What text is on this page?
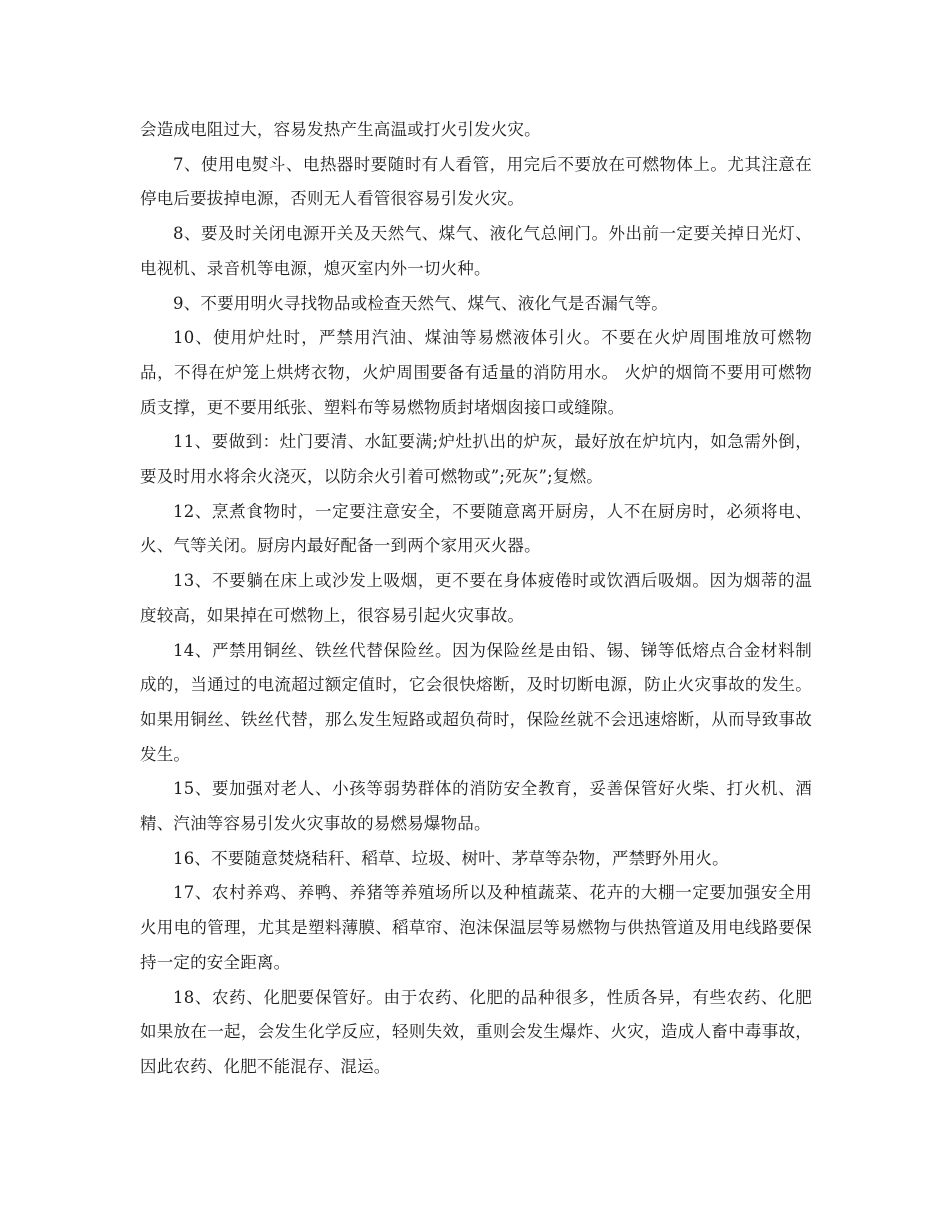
会造成电阻过大，容易发热产生高温或打火引发火灾。

7、使用电熨斗、电热器时要随时有人看管，用完后不要放在可燃物体上。尤其注意在停电后要拔掉电源，否则无人看管很容易引发火灾。

8、要及时关闭电源开关及天然气、煤气、液化气总闸门。外出前一定要关掉日光灯、电视机、录音机等电源，熄灭室内外一切火种。

9、不要用明火寻找物品或检查天然气、煤气、液化气是否漏气等。

10、使用炉灶时，严禁用汽油、煤油等易燃液体引火。不要在火炉周围堆放可燃物品，不得在炉笼上烘烤衣物，火炉周围要备有适量的消防用水。 火炉的烟筒不要用可燃物质支撑，更不要用纸张、塑料布等易燃物质封堵烟囱接口或缝隙。

11、要做到：灶门要清、水缸要满;炉灶扒出的炉灰，最好放在炉坑内，如急需外倒，要及时用水将余火浇灭，以防余火引着可燃物或”;死灰”;复燃。

12、烹煮食物时，一定要注意安全，不要随意离开厨房，人不在厨房时，必须将电、火、气等关闭。厨房内最好配备一到两个家用灭火器。

13、不要躺在床上或沙发上吸烟，更不要在身体疲倦时或饮酒后吸烟。因为烟蒂的温度较高，如果掉在可燃物上，很容易引起火灾事故。

14、严禁用铜丝、铁丝代替保险丝。因为保险丝是由铅、锡、锑等低熔点合金材料制成的，当通过的电流超过额定值时，它会很快熔断，及时切断电源，防止火灾事故的发生。如果用铜丝、铁丝代替，那么发生短路或超负荷时，保险丝就不会迅速熔断，从而导致事故发生。

15、要加强对老人、小孩等弱势群体的消防安全教育，妥善保管好火柴、打火机、酒精、汽油等容易引发火灾事故的易燃易爆物品。

16、不要随意焚烧秸秆、稻草、垃圾、树叶、茅草等杂物，严禁野外用火。

17、农村养鸡、养鸭、养猪等养殖场所以及种植蔬菜、花卉的大棚一定要加强安全用火用电的管理，尤其是塑料薄膜、稻草帘、泡沫保温层等易燃物与供热管道及用电线路要保持一定的安全距离。

18、农药、化肥要保管好。由于农药、化肥的品种很多，性质各异，有些农药、化肥如果放在一起，会发生化学反应，轻则失效，重则会发生爆炸、火灾，造成人畜中毒事故，因此农药、化肥不能混存、混运。
